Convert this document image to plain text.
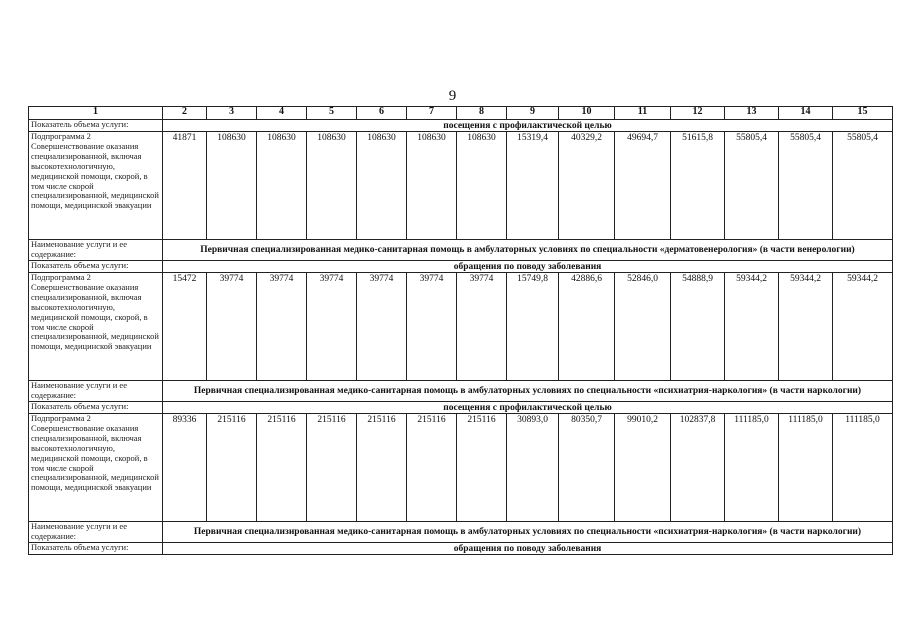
9
1	2	3	4	5	6	7	8	9	10	11	12	13	14	15
Показатель объема услуги:	посещения с профилактической целью													
Подпрограмма 2 Совершенствование оказания специализированной, включая высокотехнологичную, медицинской помощи, скорой, в том числе скорой специализированной, медицинской помощи, медицинской эвакуации	41871	108630	108630	108630	108630	108630	108630	15319,4	40329,2	49694,7	51615,8	55805,4	55805,4	55805,4
Наименование услуги и ее содержание:	Первичная специализированная медико-санитарная помощь в амбулаторных условиях по специальности «дерматовенерология» (в части венерологии)													
Показатель объема услуги:	обращения по поводу заболевания													
Подпрограмма 2 Совершенствование оказания специализированной, включая высокотехнологичную, медицинской помощи, скорой, в том числе скорой специализированной, медицинской помощи, медицинской эвакуации	15472	39774	39774	39774	39774	39774	39774	15749,8	42886,6	52846,0	54888,9	59344,2	59344,2	59344,2
Наименование услуги и ее содержание:	Первичная специализированная медико-санитарная помощь в амбулаторных условиях по специальности «психиатрия-наркология» (в части наркологии)													
Показатель объема услуги:	посещения с профилактической целью													
Подпрограмма 2 Совершенствование оказания специализированной, включая высокотехнологичную, медицинской помощи, скорой, в том числе скорой специализированной, медицинской помощи, медицинской эвакуации	89336	215116	215116	215116	215116	215116	215116	30893,0	80350,7	99010,2	102837,8	111185,0	111185,0	111185,0
Наименование услуги и ее содержание:	Первичная специализированная медико-санитарная помощь в амбулаторных условиях по специальности «психиатрия-наркология» (в части наркологии)													
Показатель объема услуги:	обращения по поводу заболевания													
